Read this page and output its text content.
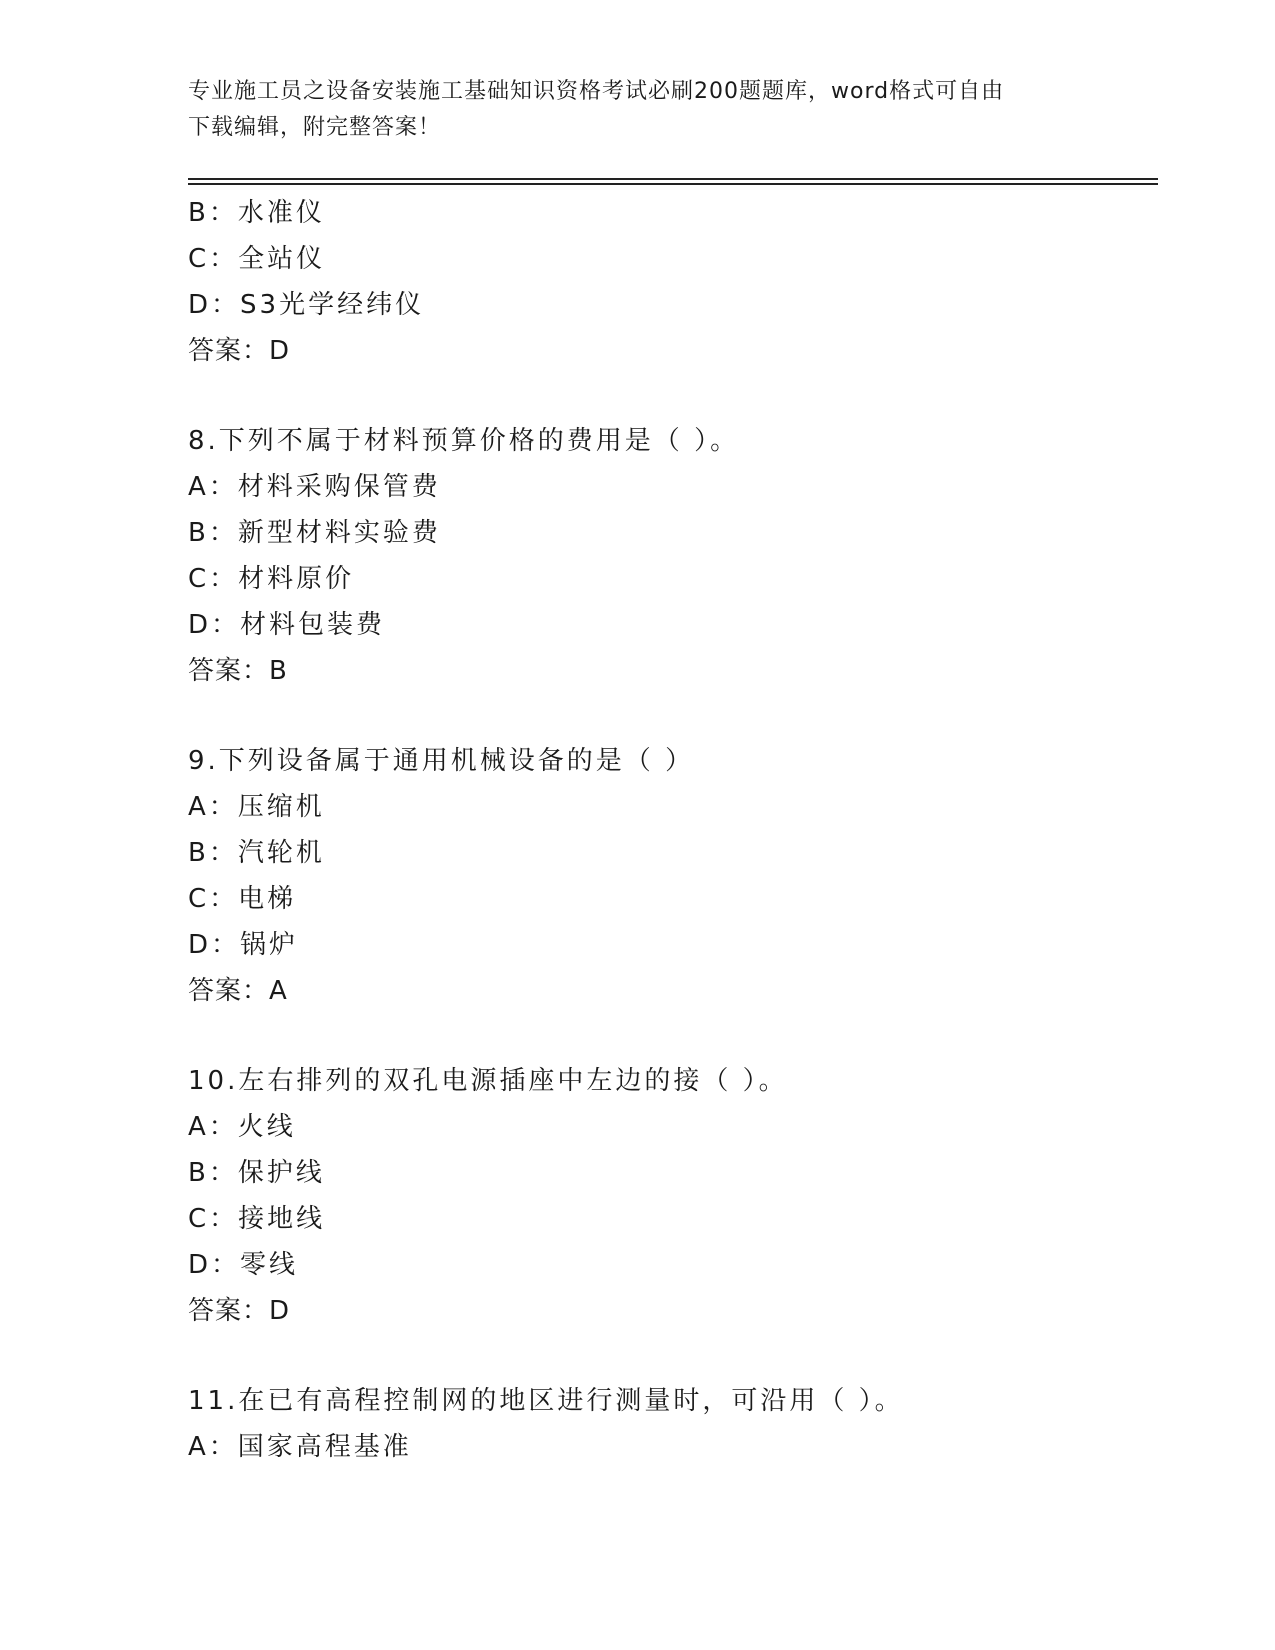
专业施工员之设备安装施工基础知识资格考试必刷200题题库，word格式可自由
下载编辑，附完整答案！
B：水准仪
C：全站仪
D：S3光学经纬仪
答案：D
8.下列不属于材料预算价格的费用是（ ）。
A：材料采购保管费
B：新型材料实验费
C：材料原价
D：材料包装费
答案：B
9.下列设备属于通用机械设备的是（ ）
A：压缩机
B：汽轮机
C：电梯
D：锅炉
答案：A
10.左右排列的双孔电源插座中左边的接（ ）。
A：火线
B：保护线
C：接地线
D：零线
答案：D
11.在已有高程控制网的地区进行测量时，可沿用（ ）。
A：国家高程基准
